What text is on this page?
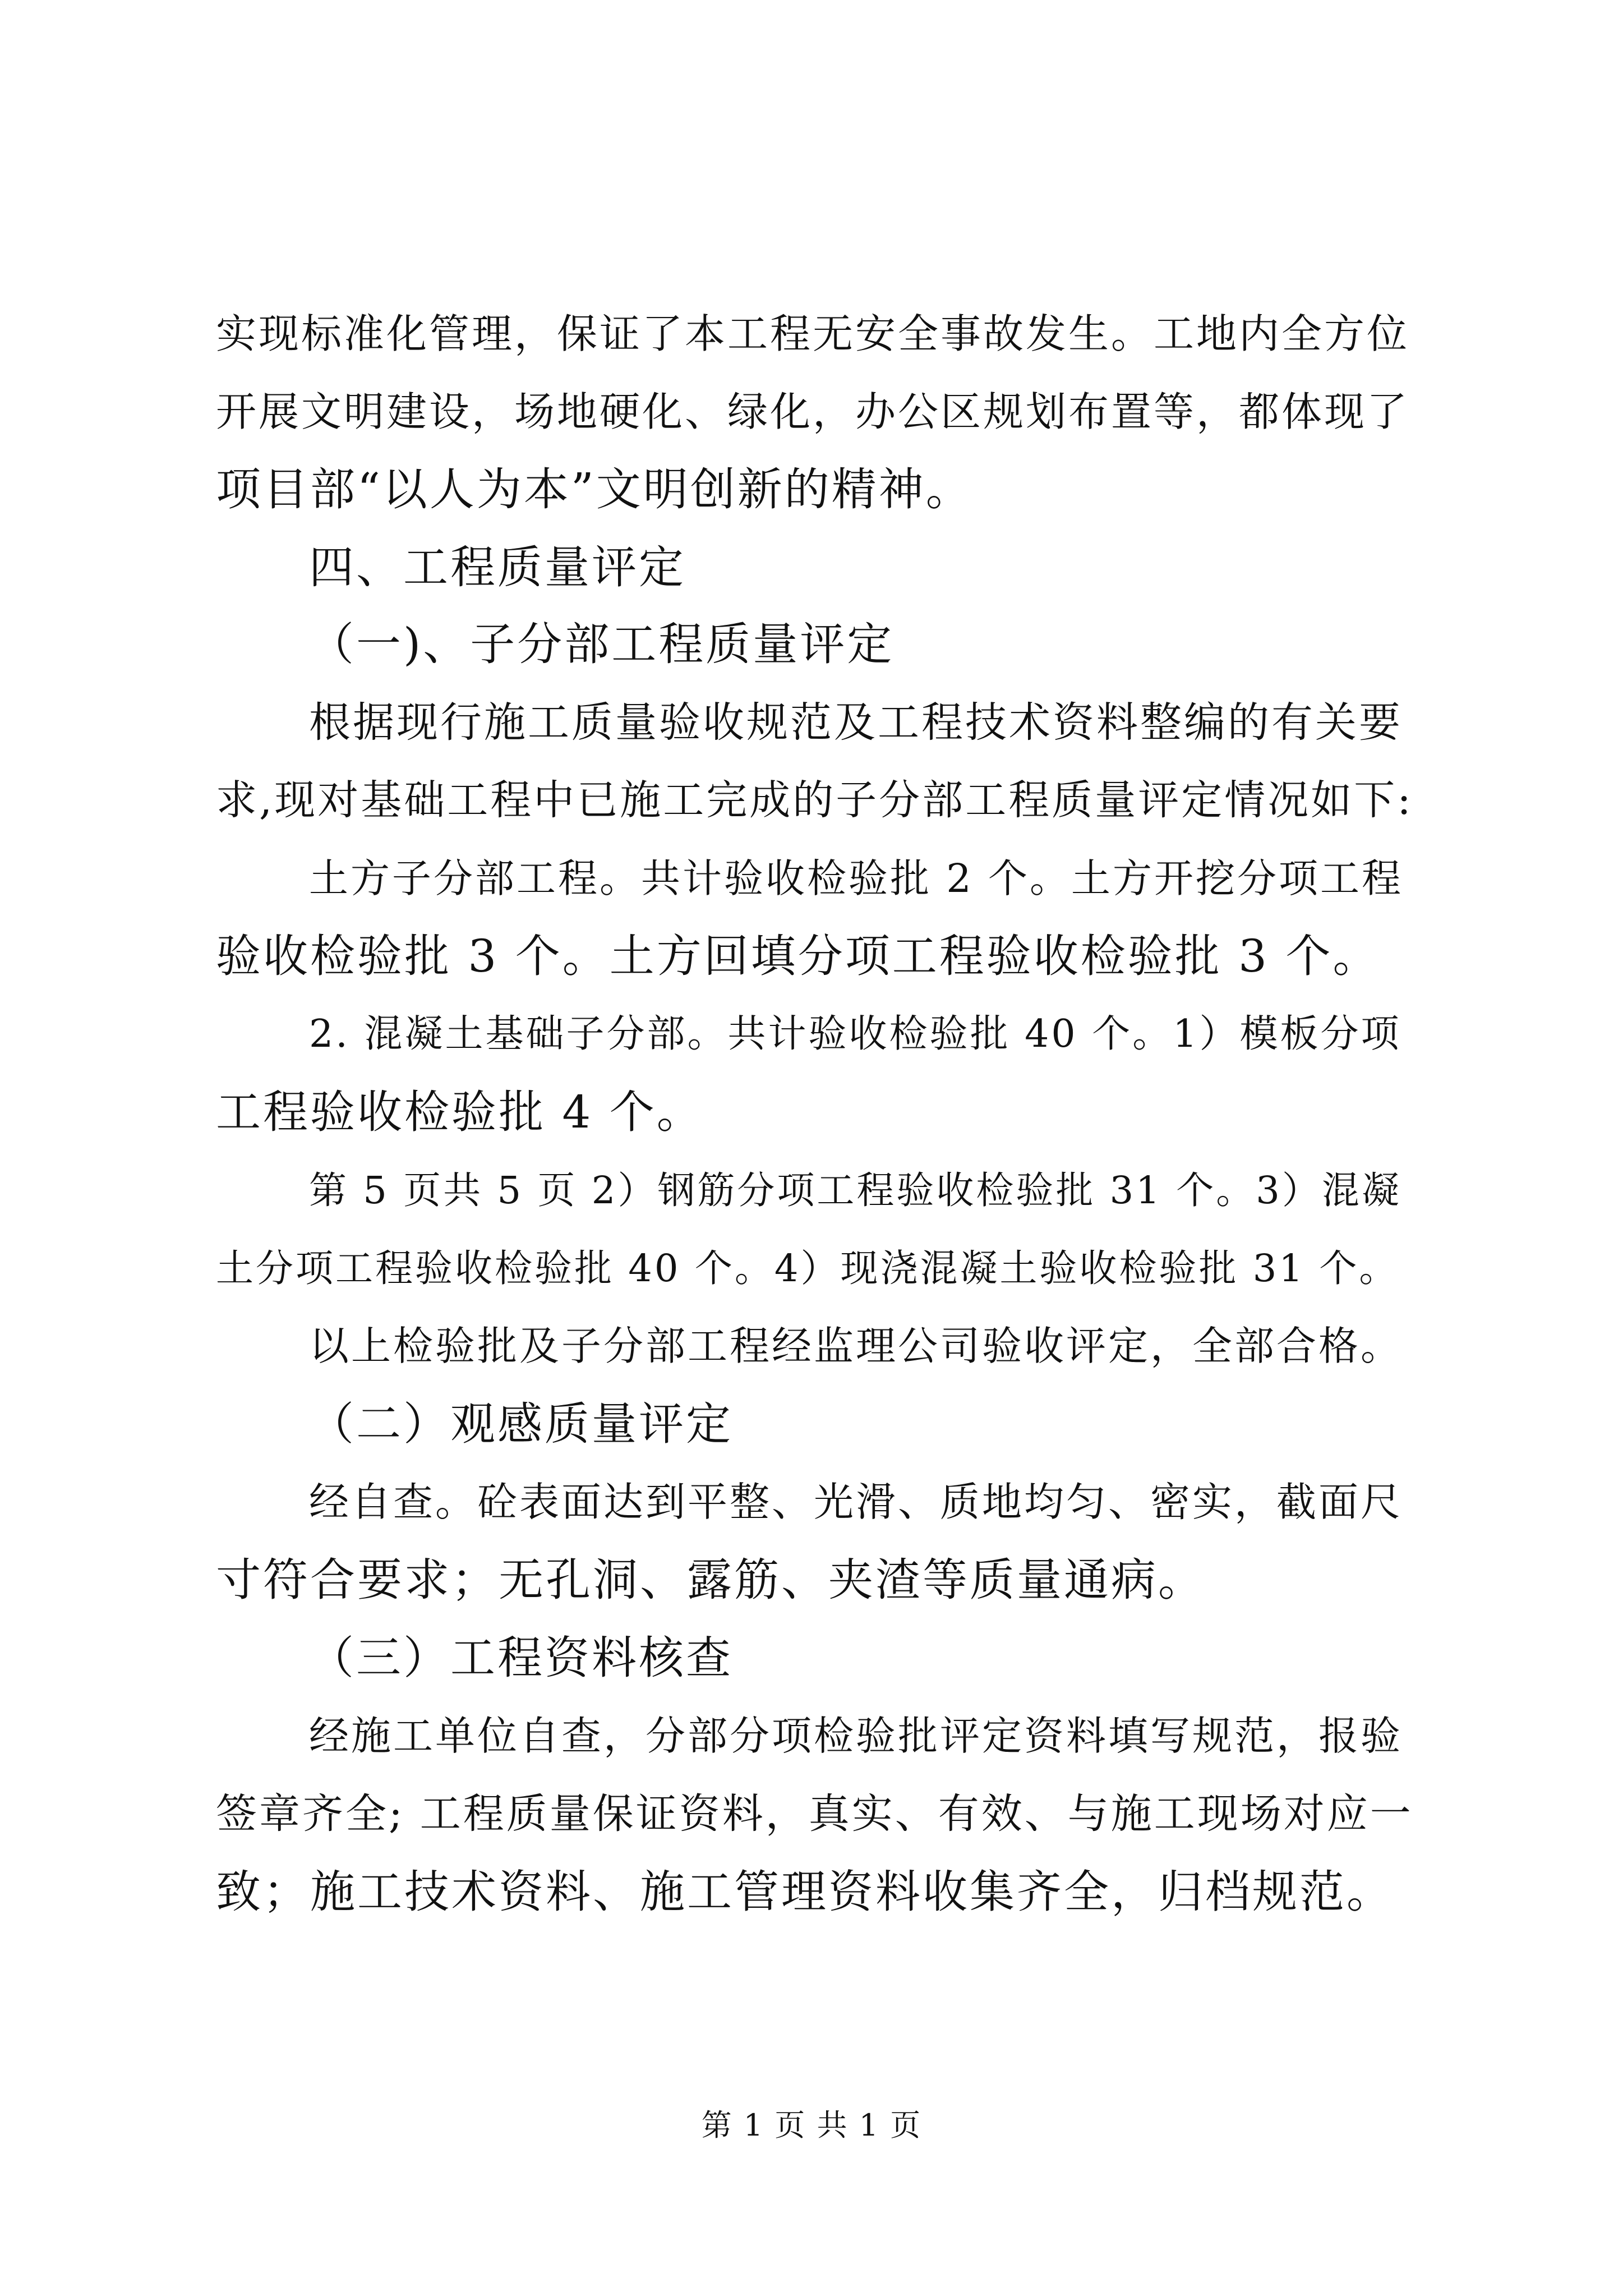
实现标准化管理，保证了本工程无安全事故发生。工地内全方位
开展文明建设，场地硬化、绿化，办公区规划布置等，都体现了
项目部“以人为本”文明创新的精神。
四、工程质量评定
（一)、子分部工程质量评定
根据现行施工质量验收规范及工程技术资料整编的有关要
求,现对基础工程中已施工完成的子分部工程质量评定情况如下:
土方子分部工程。共计验收检验批 2 个。土方开挖分项工程
验收检验批 3 个。土方回填分项工程验收检验批 3 个。
2. 混凝土基础子分部。共计验收检验批 40 个。1）模板分项
工程验收检验批 4 个。
第 5 页共 5 页 2）钢筋分项工程验收检验批 31 个。3）混凝
土分项工程验收检验批 40 个。4）现浇混凝土验收检验批 31 个。
以上检验批及子分部工程经监理公司验收评定，全部合格。
（二）观感质量评定
经自查。砼表面达到平整、光滑、质地均匀、密实，截面尺
寸符合要求；无孔洞、露筋、夹渣等质量通病。
（三）工程资料核查
经施工单位自查，分部分项检验批评定资料填写规范，报验
签章齐全; 工程质量保证资料，真实、有效、与施工现场对应一
致；施工技术资料、施工管理资料收集齐全，归档规范。
第 1 页 共 1 页
